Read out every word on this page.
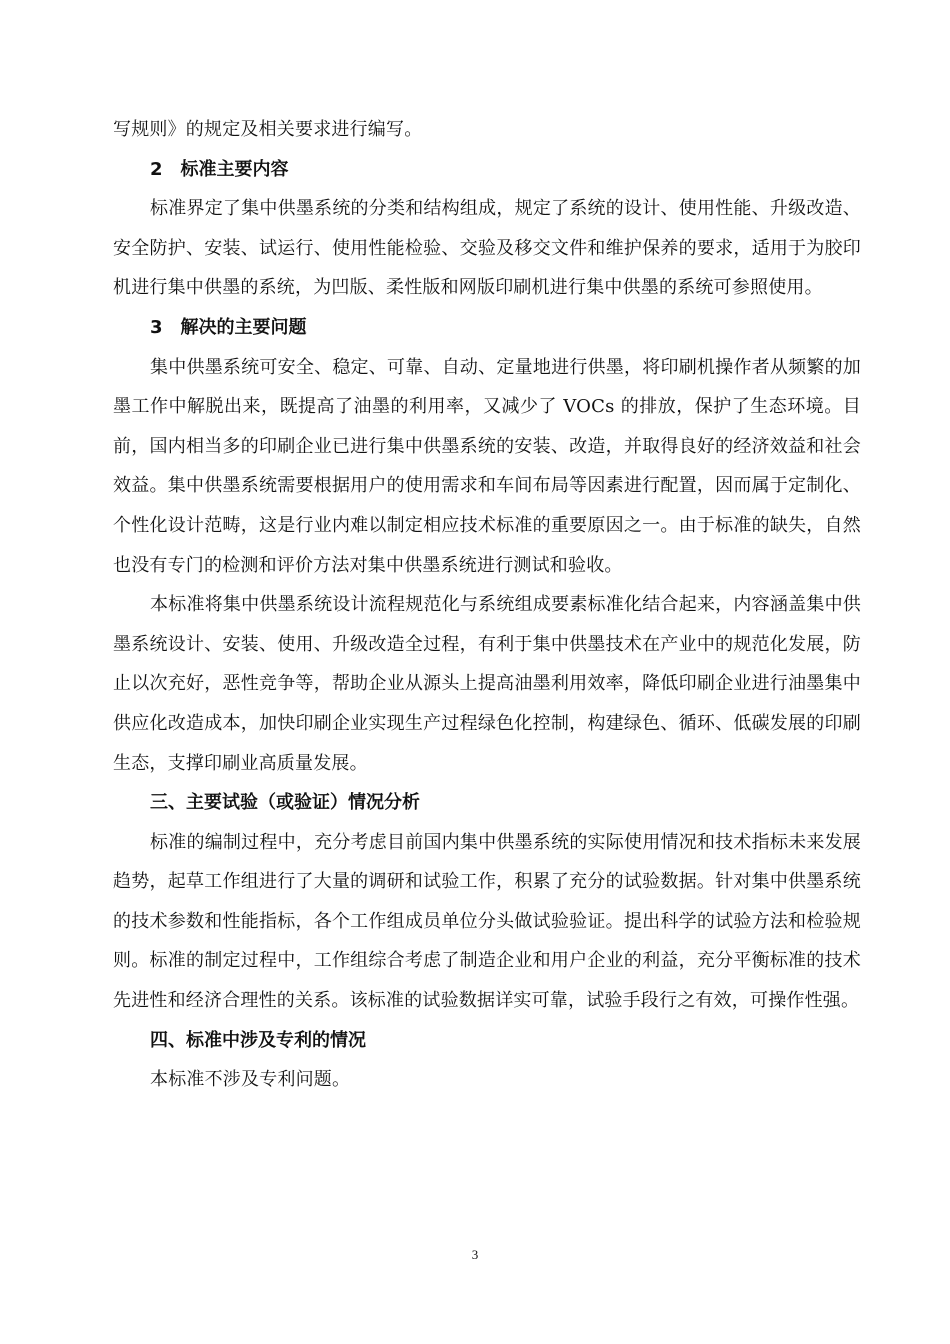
写规则》的规定及相关要求进行编写。

2　标准主要内容

标准界定了集中供墨系统的分类和结构组成，规定了系统的设计、使用性能、升级改造、安全防护、安装、试运行、使用性能检验、交验及移交文件和维护保养的要求，适用于为胶印机进行集中供墨的系统，为凹版、柔性版和网版印刷机进行集中供墨的系统可参照使用。

3　解决的主要问题

集中供墨系统可安全、稳定、可靠、自动、定量地进行供墨，将印刷机操作者从频繁的加墨工作中解脱出来，既提高了油墨的利用率，又减少了 VOCs 的排放，保护了生态环境。目前，国内相当多的印刷企业已进行集中供墨系统的安装、改造，并取得良好的经济效益和社会效益。集中供墨系统需要根据用户的使用需求和车间布局等因素进行配置，因而属于定制化、个性化设计范畴，这是行业内难以制定相应技术标准的重要原因之一。由于标准的缺失，自然也没有专门的检测和评价方法对集中供墨系统进行测试和验收。

本标准将集中供墨系统设计流程规范化与系统组成要素标准化结合起来，内容涵盖集中供墨系统设计、安装、使用、升级改造全过程，有利于集中供墨技术在产业中的规范化发展，防止以次充好，恶性竞争等，帮助企业从源头上提高油墨利用效率，降低印刷企业进行油墨集中供应化改造成本，加快印刷企业实现生产过程绿色化控制，构建绿色、循环、低碳发展的印刷生态，支撑印刷业高质量发展。

三、主要试验（或验证）情况分析

标准的编制过程中，充分考虑目前国内集中供墨系统的实际使用情况和技术指标未来发展趋势，起草工作组进行了大量的调研和试验工作，积累了充分的试验数据。针对集中供墨系统的技术参数和性能指标，各个工作组成员单位分头做试验验证。提出科学的试验方法和检验规则。标准的制定过程中，工作组综合考虑了制造企业和用户企业的利益，充分平衡标准的技术先进性和经济合理性的关系。该标准的试验数据详实可靠，试验手段行之有效，可操作性强。

四、标准中涉及专利的情况

本标准不涉及专利问题。

3
